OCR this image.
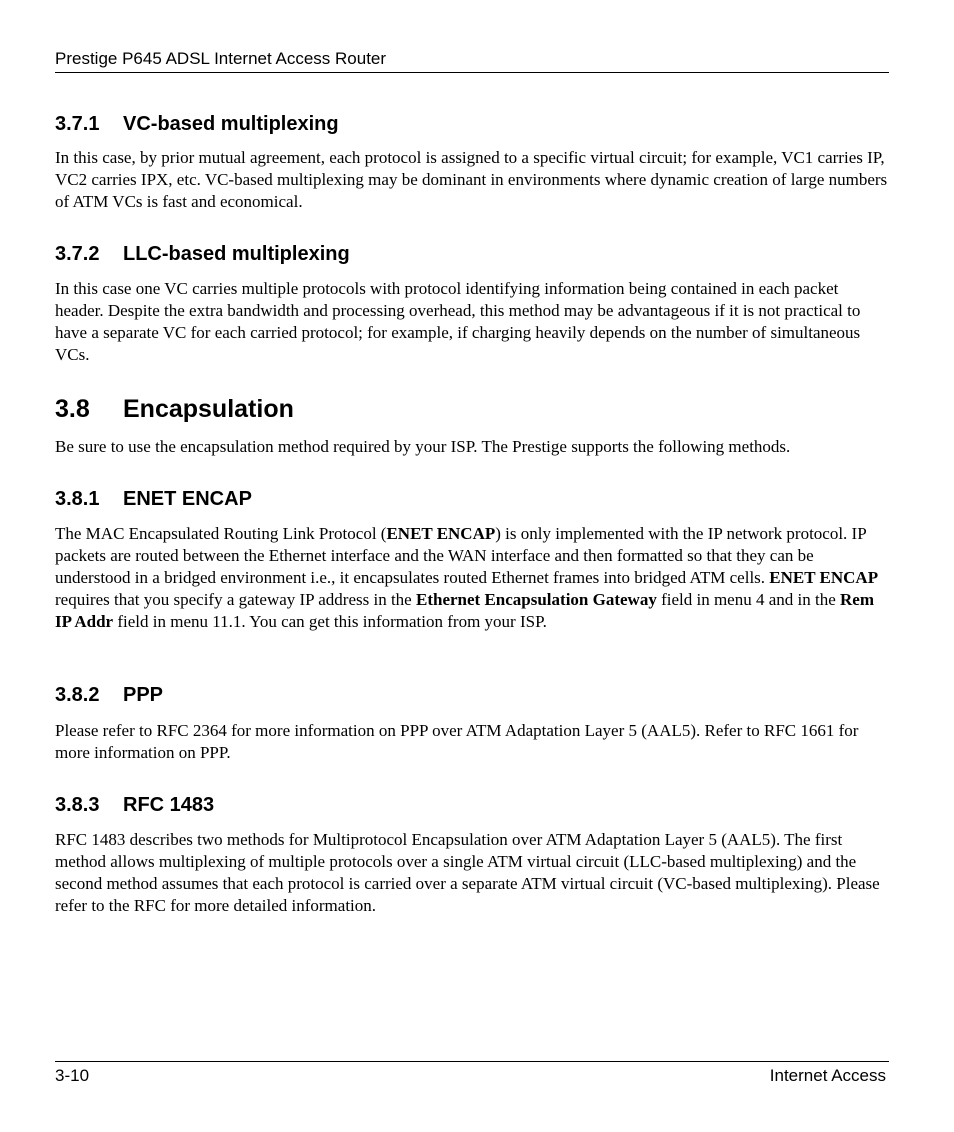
Prestige P645 ADSL Internet Access Router
3.7.1 VC-based multiplexing

In this case, by prior mutual agreement, each protocol is assigned to a specific virtual circuit; for example, VC1 carries IP, VC2 carries IPX, etc. VC-based multiplexing may be dominant in environments where dynamic creation of large numbers of ATM VCs is fast and economical.

3.7.2 LLC-based multiplexing

In this case one VC carries multiple protocols with protocol identifying information being contained in each packet header. Despite the extra bandwidth and processing overhead, this method may be advantageous if it is not practical to have a separate VC for each carried protocol; for example, if charging heavily depends on the number of simultaneous VCs.

3.8 Encapsulation

Be sure to use the encapsulation method required by your ISP. The Prestige supports the following methods.

3.8.1 ENET ENCAP

The MAC Encapsulated Routing Link Protocol (ENET ENCAP) is only implemented with the IP network protocol. IP packets are routed between the Ethernet interface and the WAN interface and then formatted so that they can be understood in a bridged environment i.e., it encapsulates routed Ethernet frames into bridged ATM cells. ENET ENCAP requires that you specify a gateway IP address in the Ethernet Encapsulation Gateway field in menu 4 and in the Rem IP Addr field in menu 11.1. You can get this information from your ISP.

3.8.2 PPP

Please refer to RFC 2364 for more information on PPP over ATM Adaptation Layer 5 (AAL5). Refer to RFC 1661 for more information on PPP.

3.8.3 RFC 1483

RFC 1483 describes two methods for Multiprotocol Encapsulation over ATM Adaptation Layer 5 (AAL5). The first method allows multiplexing of multiple protocols over a single ATM virtual circuit (LLC-based multiplexing) and the second method assumes that each protocol is carried over a separate ATM virtual circuit (VC-based multiplexing). Please refer to the RFC for more detailed information.

3-10	Internet Access
